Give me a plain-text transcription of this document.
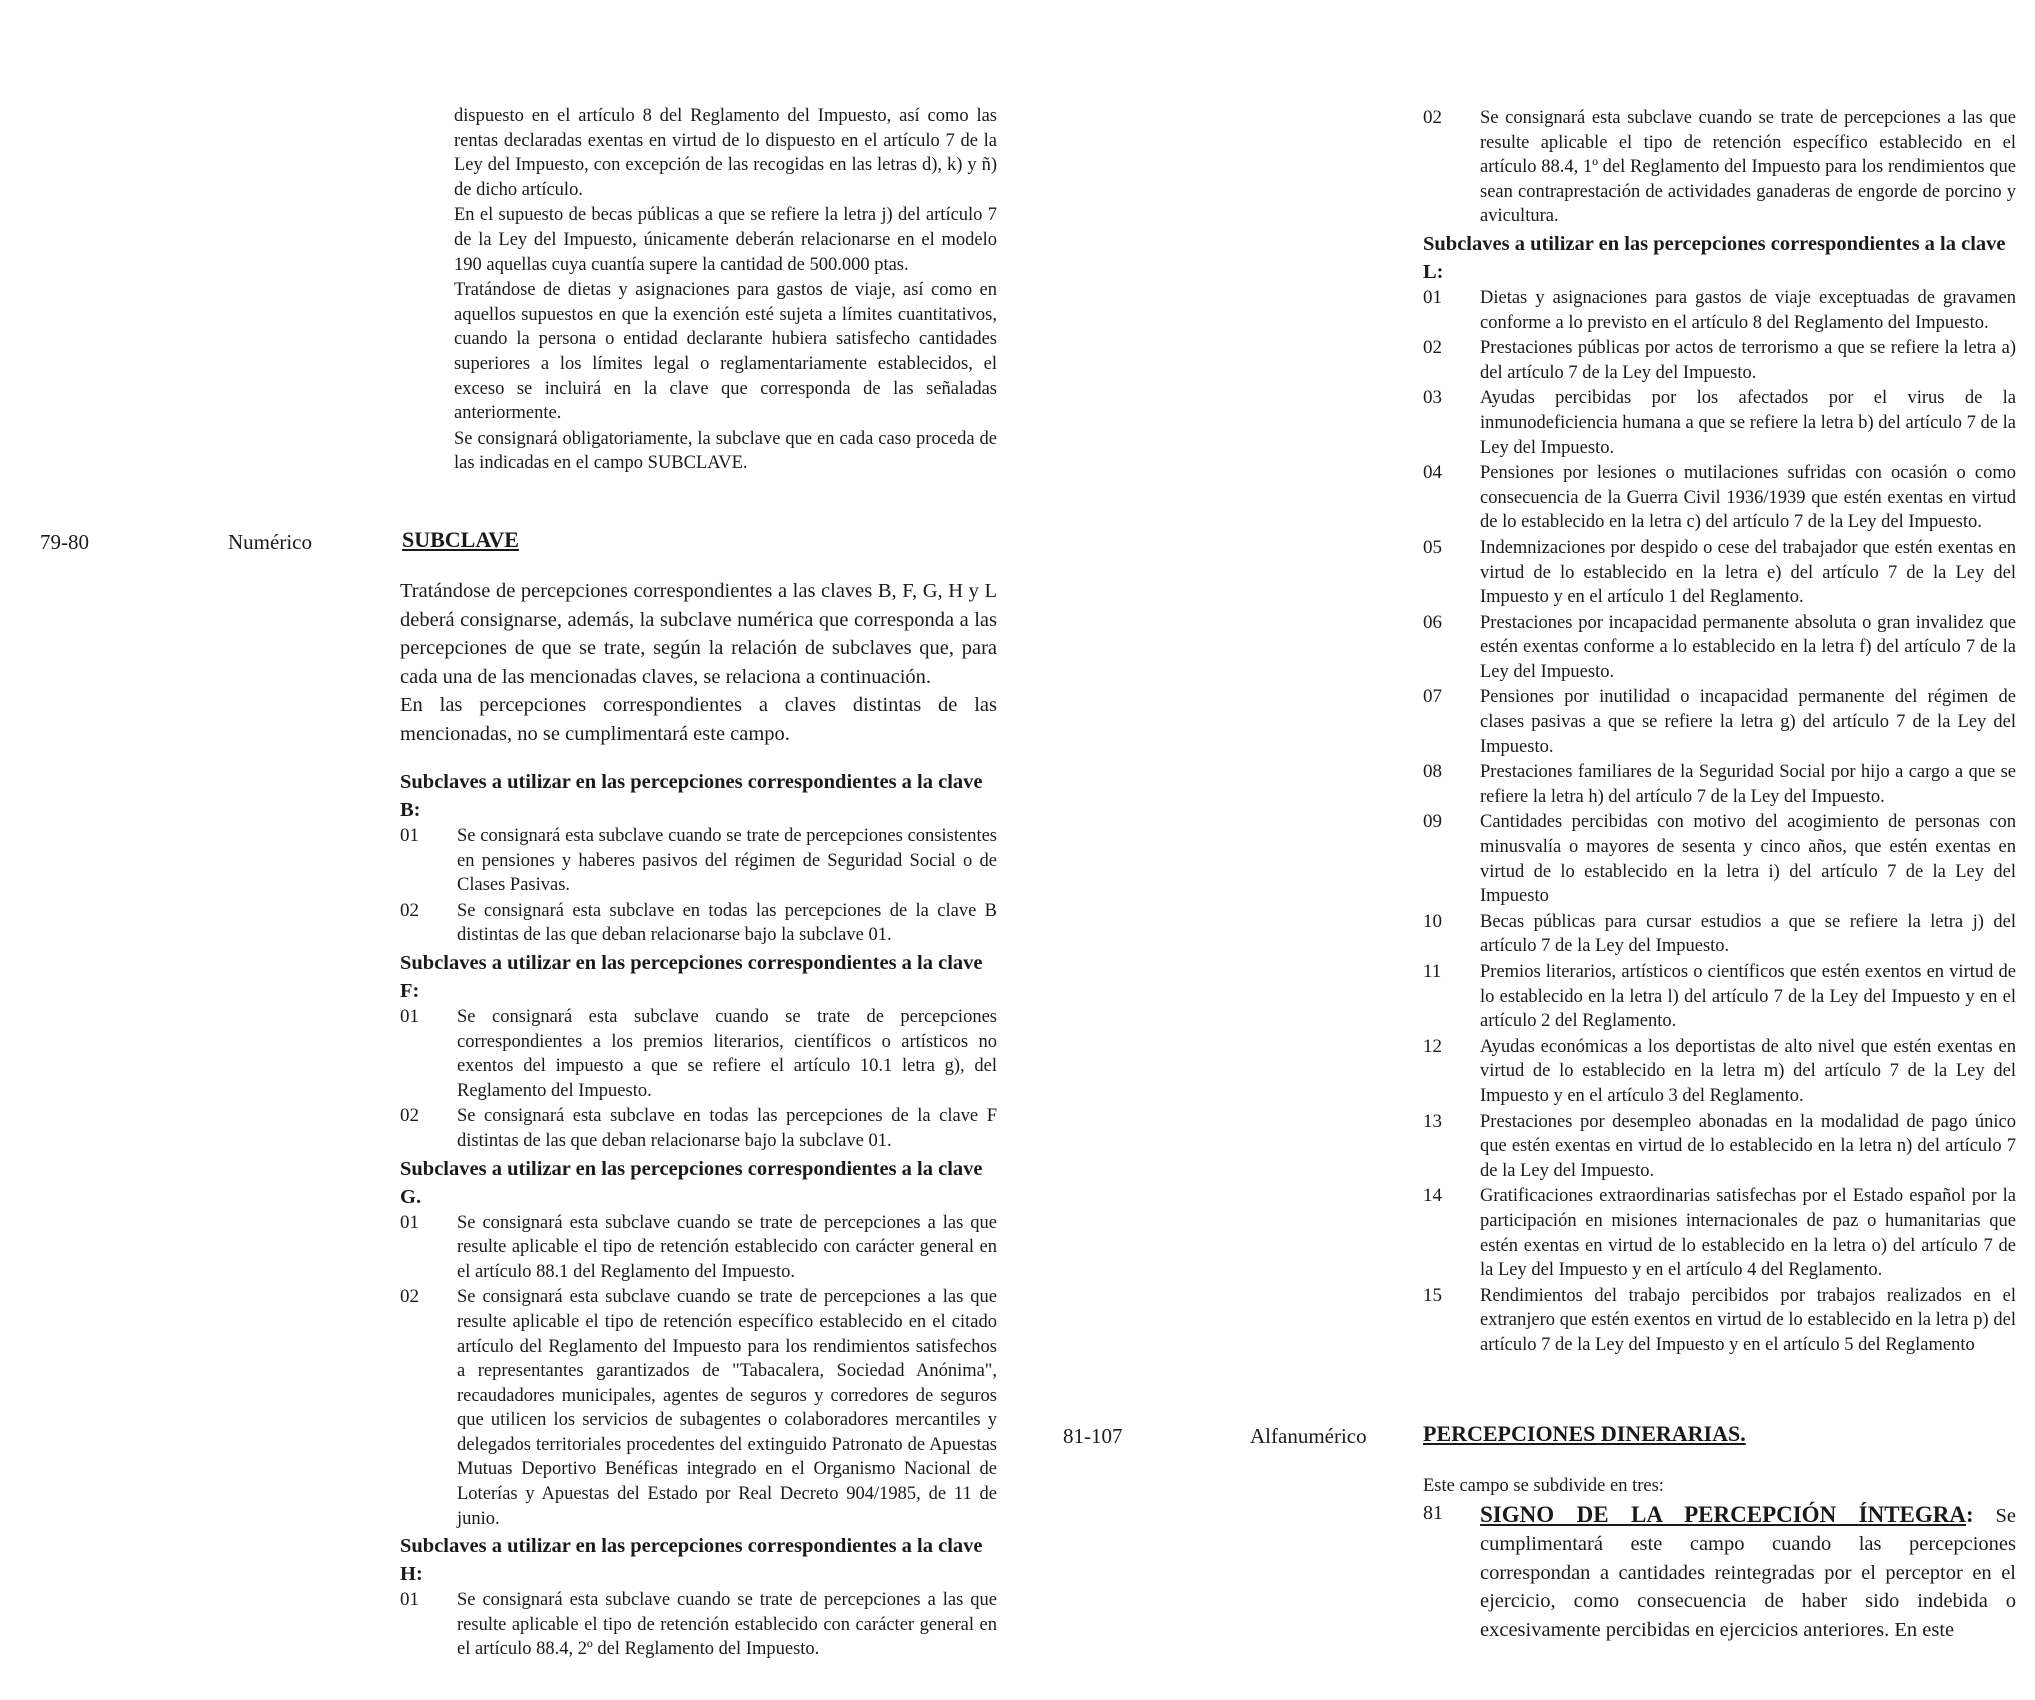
dispuesto en el artículo 8 del Reglamento del Impuesto, así como las rentas declaradas exentas en virtud de lo dispuesto en el artículo 7 de la Ley del Impuesto, con excepción de las recogidas en las letras d), k) y ñ) de dicho artículo.

En el supuesto de becas públicas a que se refiere la letra j) del artículo 7 de la Ley del Impuesto, únicamente deberán relacionarse en el modelo 190 aquellas cuya cuantía supere la cantidad de 500.000 ptas.

Tratándose de dietas y asignaciones para gastos de viaje, así como en aquellos supuestos en que la exención esté sujeta a límites cuantitativos, cuando la persona o entidad declarante hubiera satisfecho cantidades superiores a los límites legal o reglamentariamente establecidos, el exceso se incluirá en la clave que corresponda de las señaladas anteriormente.

Se consignará obligatoriamente, la subclave que en cada caso proceda de las indicadas en el campo SUBCLAVE.

79-80	Numérico	SUBCLAVE

Tratándose de percepciones correspondientes a las claves B, F, G, H y L deberá consignarse, además, la subclave numérica que corresponda a las percepciones de que se trate, según la relación de subclaves que, para cada una de las mencionadas claves, se relaciona a continuación.

En las percepciones correspondientes a claves distintas de las mencionadas, no se cumplimentará este campo.

Subclaves a utilizar en las percepciones correspondientes a la clave B:

01	Se consignará esta subclave cuando se trate de percepciones consistentes en pensiones y haberes pasivos del régimen de Seguridad Social o de Clases Pasivas.
02	Se consignará esta subclave en todas las percepciones de la clave B distintas de las que deban relacionarse bajo la subclave 01.

Subclaves a utilizar en las percepciones correspondientes a la clave F:

01	Se consignará esta subclave cuando se trate de percepciones correspondientes a los premios literarios, científicos o artísticos no exentos del impuesto a que se refiere el artículo 10.1 letra g), del Reglamento del Impuesto.
02	Se consignará esta subclave en todas las percepciones de la clave F distintas de las que deban relacionarse bajo la subclave 01.

Subclaves a utilizar en las percepciones correspondientes a la clave G.

01	Se consignará esta subclave cuando se trate de percepciones a las que resulte aplicable el tipo de retención establecido con carácter general en el artículo 88.1 del Reglamento del Impuesto.
02	Se consignará esta subclave cuando se trate de percepciones a las que resulte aplicable el tipo de retención específico establecido en el citado artículo del Reglamento del Impuesto para los rendimientos satisfechos a representantes garantizados de "Tabacalera, Sociedad Anónima", recaudadores municipales, agentes de seguros y corredores de seguros que utilicen los servicios de subagentes o colaboradores mercantiles y delegados territoriales procedentes del extinguido Patronato de Apuestas Mutuas Deportivo Benéficas integrado en el Organismo Nacional de Loterías y Apuestas del Estado por Real Decreto 904/1985, de 11 de junio.

Subclaves a utilizar en las percepciones correspondientes a la clave H:

01	Se consignará esta subclave cuando se trate de percepciones a las que resulte aplicable el tipo de retención establecido con carácter general en el artículo 88.4, 2º del Reglamento del Impuesto.
02	Se consignará esta subclave cuando se trate de percepciones a las que resulte aplicable el tipo de retención específico establecido en el artículo 88.4, 1º del Reglamento del Impuesto para los rendimientos que sean contraprestación de actividades ganaderas de engorde de porcino y avicultura.

Subclaves a utilizar en las percepciones correspondientes a la clave L:

01	Dietas y asignaciones para gastos de viaje exceptuadas de gravamen conforme a lo previsto en el artículo 8 del Reglamento del Impuesto.
02	Prestaciones públicas por actos de terrorismo a que se refiere la letra a) del artículo 7 de la Ley del Impuesto.
03	Ayudas percibidas por los afectados por el virus de la inmunodeficiencia humana a que se refiere la letra b) del artículo 7 de la Ley del Impuesto.
04	Pensiones por lesiones o mutilaciones sufridas con ocasión o como consecuencia de la Guerra Civil 1936/1939 que estén exentas en virtud de lo establecido en la letra c) del artículo 7 de la Ley del Impuesto.
05	Indemnizaciones por despido o cese del trabajador que estén exentas en virtud de lo establecido en la letra e) del artículo 7 de la Ley del Impuesto y en el artículo 1 del Reglamento.
06	Prestaciones por incapacidad permanente absoluta o gran invalidez que estén exentas conforme a lo establecido en la letra f) del artículo 7 de la Ley del Impuesto.
07	Pensiones por inutilidad o incapacidad permanente del régimen de clases pasivas a que se refiere la letra g) del artículo 7 de la Ley del Impuesto.
08	Prestaciones familiares de la Seguridad Social por hijo a cargo a que se refiere la letra h) del artículo 7 de la Ley del Impuesto.
09	Cantidades percibidas con motivo del acogimiento de personas con minusvalía o mayores de sesenta y cinco años, que estén exentas en virtud de lo establecido en la letra i) del artículo 7 de la Ley del Impuesto
10	Becas públicas para cursar estudios a que se refiere la letra j) del artículo 7 de la Ley del Impuesto.
11	Premios literarios, artísticos o científicos que estén exentos en virtud de lo establecido en la letra l) del artículo 7 de la Ley del Impuesto y en el artículo 2 del Reglamento.
12	Ayudas económicas a los deportistas de alto nivel que estén exentas en virtud de lo establecido en la letra m) del artículo 7 de la Ley del Impuesto y en el artículo 3 del Reglamento.
13	Prestaciones por desempleo abonadas en la modalidad de pago único que estén exentas en virtud de lo establecido en la letra n) del artículo 7 de la Ley del Impuesto.
14	Gratificaciones extraordinarias satisfechas por el Estado español por la participación en misiones internacionales de paz o humanitarias que estén exentas en virtud de lo establecido en la letra o) del artículo 7 de la Ley del Impuesto y en el artículo 4 del Reglamento.
15	Rendimientos del trabajo percibidos por trabajos realizados en el extranjero que estén exentos en virtud de lo establecido en la letra p) del artículo 7 de la Ley del Impuesto y en el artículo 5 del Reglamento
81-107	Alfanumérico	PERCEPCIONES DINERARIAS.

Este campo se subdivide en tres:

81	SIGNO DE LA PERCEPCIÓN ÍNTEGRA: Se cumplimentará este campo cuando las percepciones correspondan a cantidades reintegradas por el perceptor en el ejercicio, como consecuencia de haber sido indebida o excesivamente percibidas en ejercicios anteriores. En este
